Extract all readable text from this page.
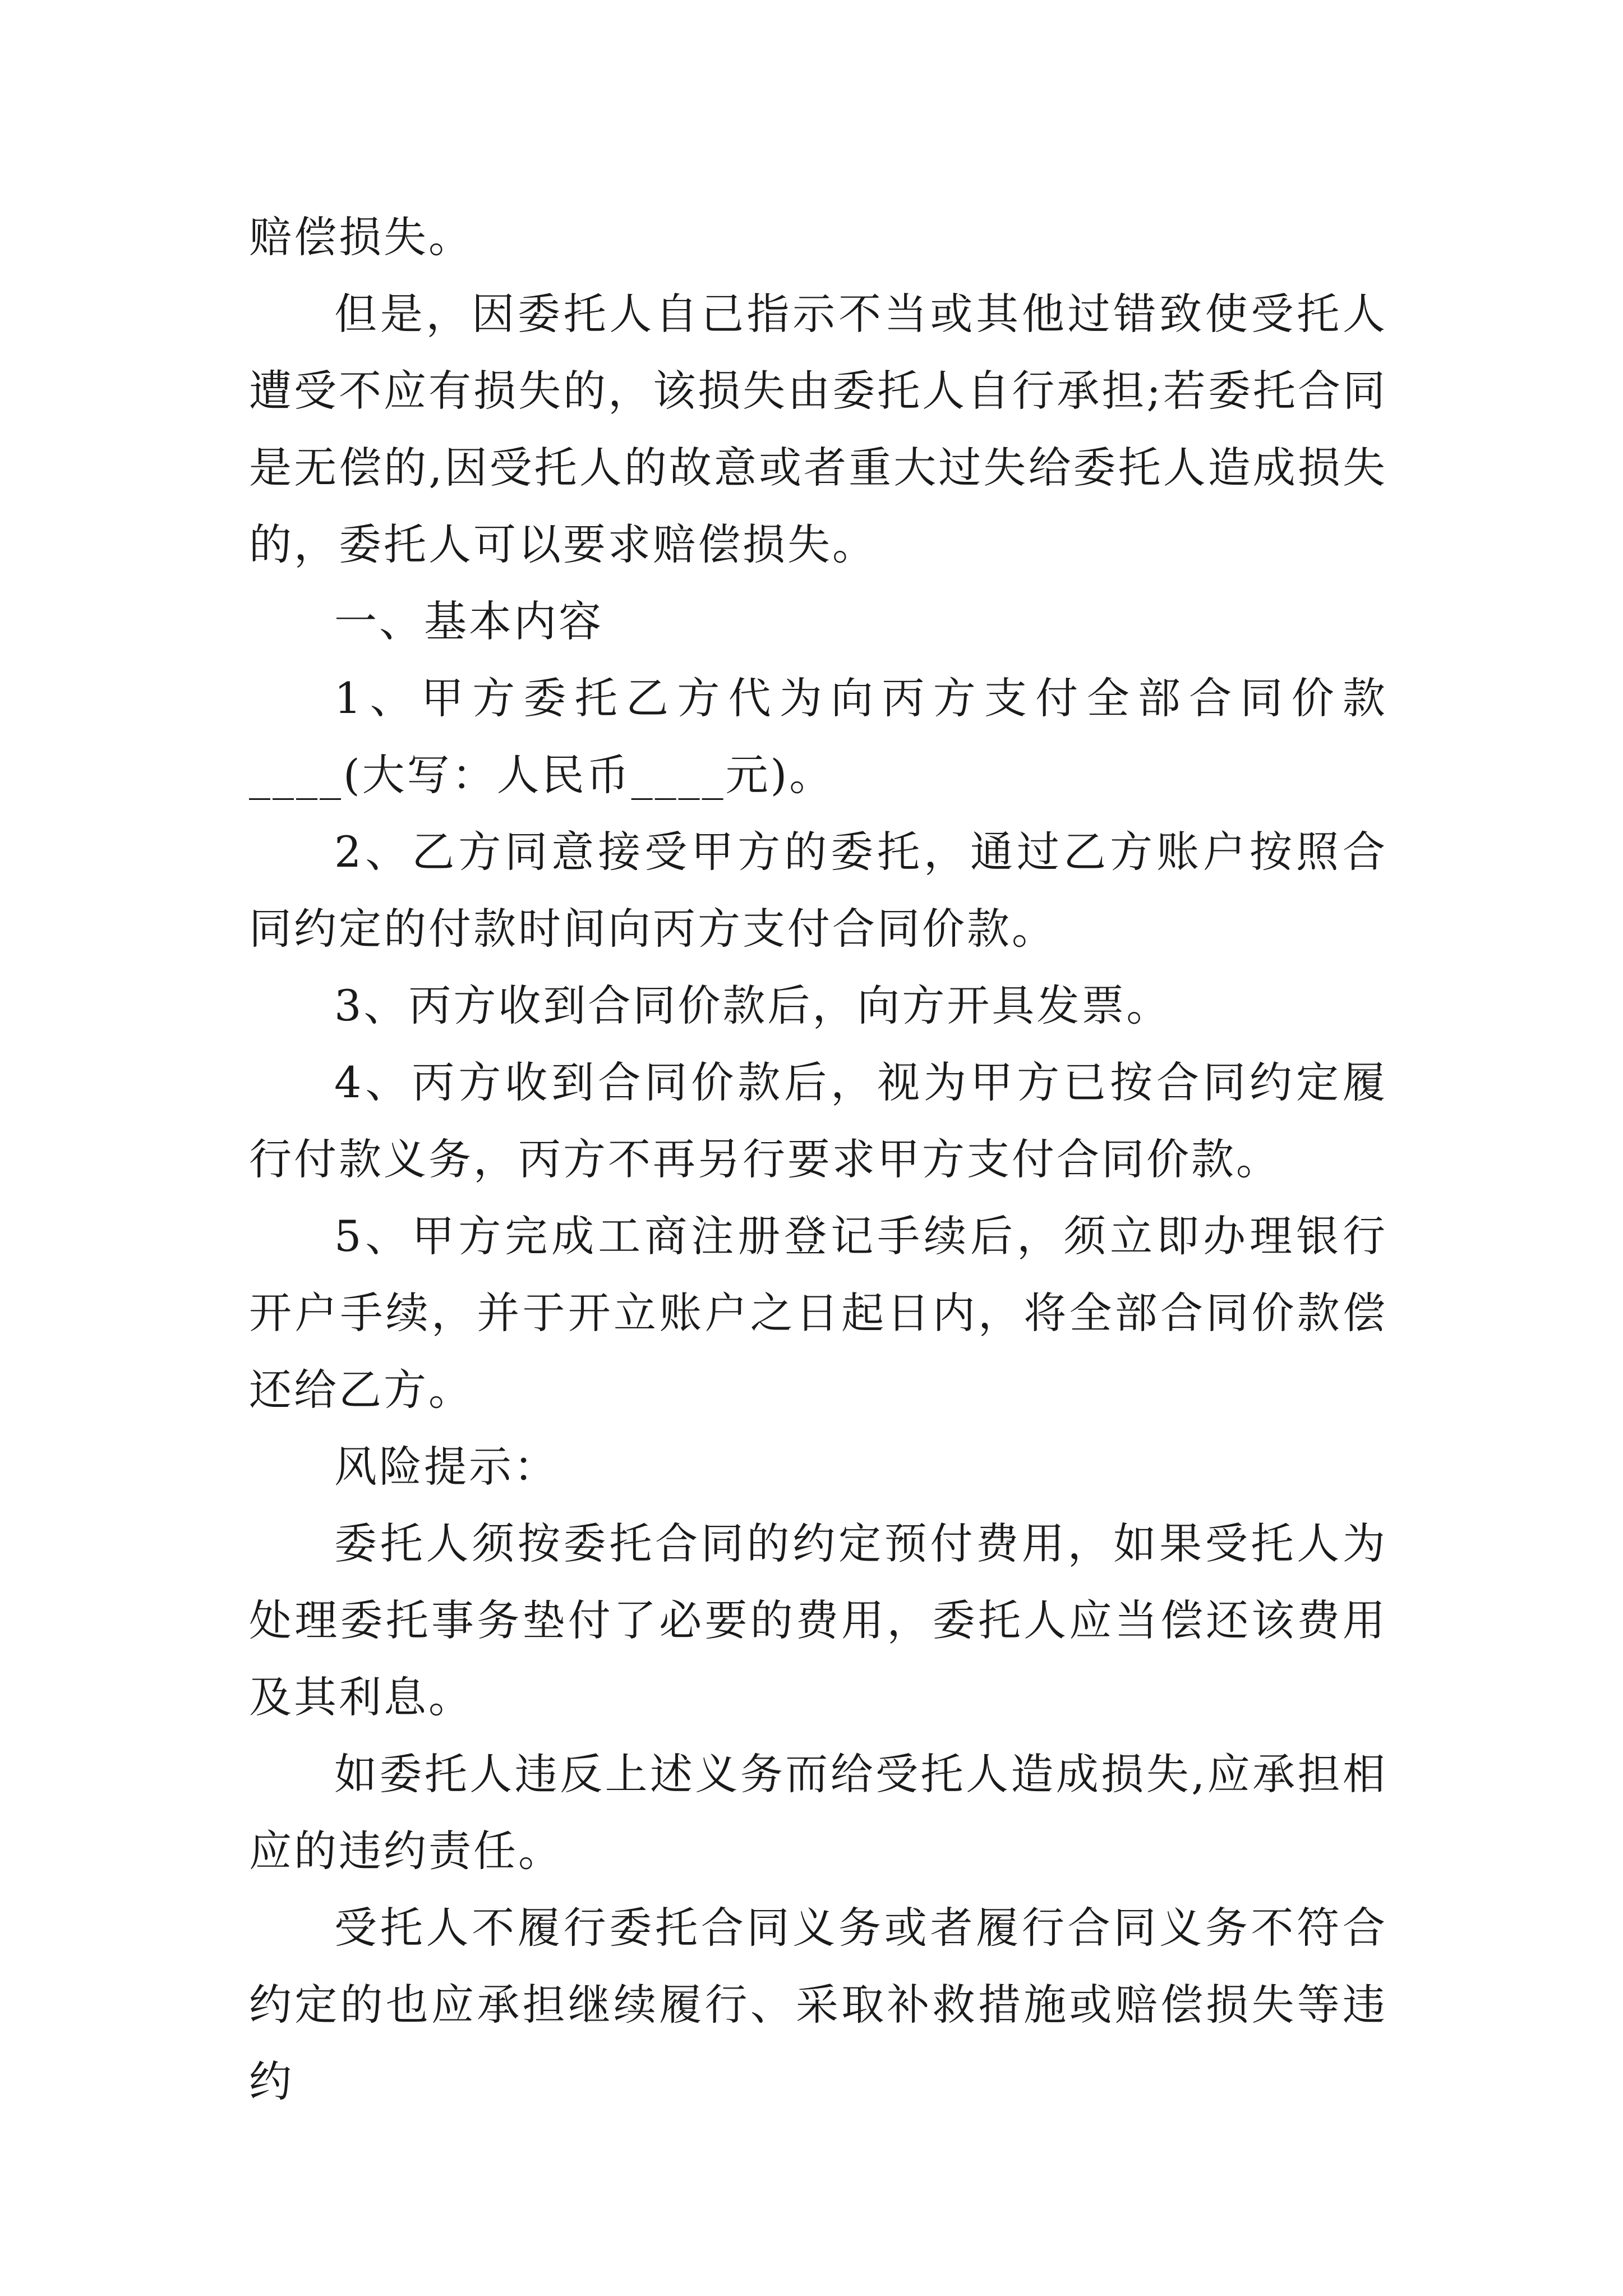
赔偿损失。

但是，因委托人自己指示不当或其他过错致使受托人遭受不应有损失的，该损失由委托人自行承担;若委托合同是无偿的,因受托人的故意或者重大过失给委托人造成损失的，委托人可以要求赔偿损失。

一、基本内容

1、甲方委托乙方代为向丙方支付全部合同价款____(大写：人民币____元)。

2、乙方同意接受甲方的委托，通过乙方账户按照合同约定的付款时间向丙方支付合同价款。

3、丙方收到合同价款后，向方开具发票。

4、丙方收到合同价款后，视为甲方已按合同约定履行付款义务，丙方不再另行要求甲方支付合同价款。

5、甲方完成工商注册登记手续后，须立即办理银行开户手续，并于开立账户之日起日内，将全部合同价款偿还给乙方。

风险提示：

委托人须按委托合同的约定预付费用，如果受托人为处理委托事务垫付了必要的费用，委托人应当偿还该费用及其利息。

如委托人违反上述义务而给受托人造成损失,应承担相应的违约责任。

受托人不履行委托合同义务或者履行合同义务不符合约定的也应承担继续履行、采取补救措施或赔偿损失等违约
